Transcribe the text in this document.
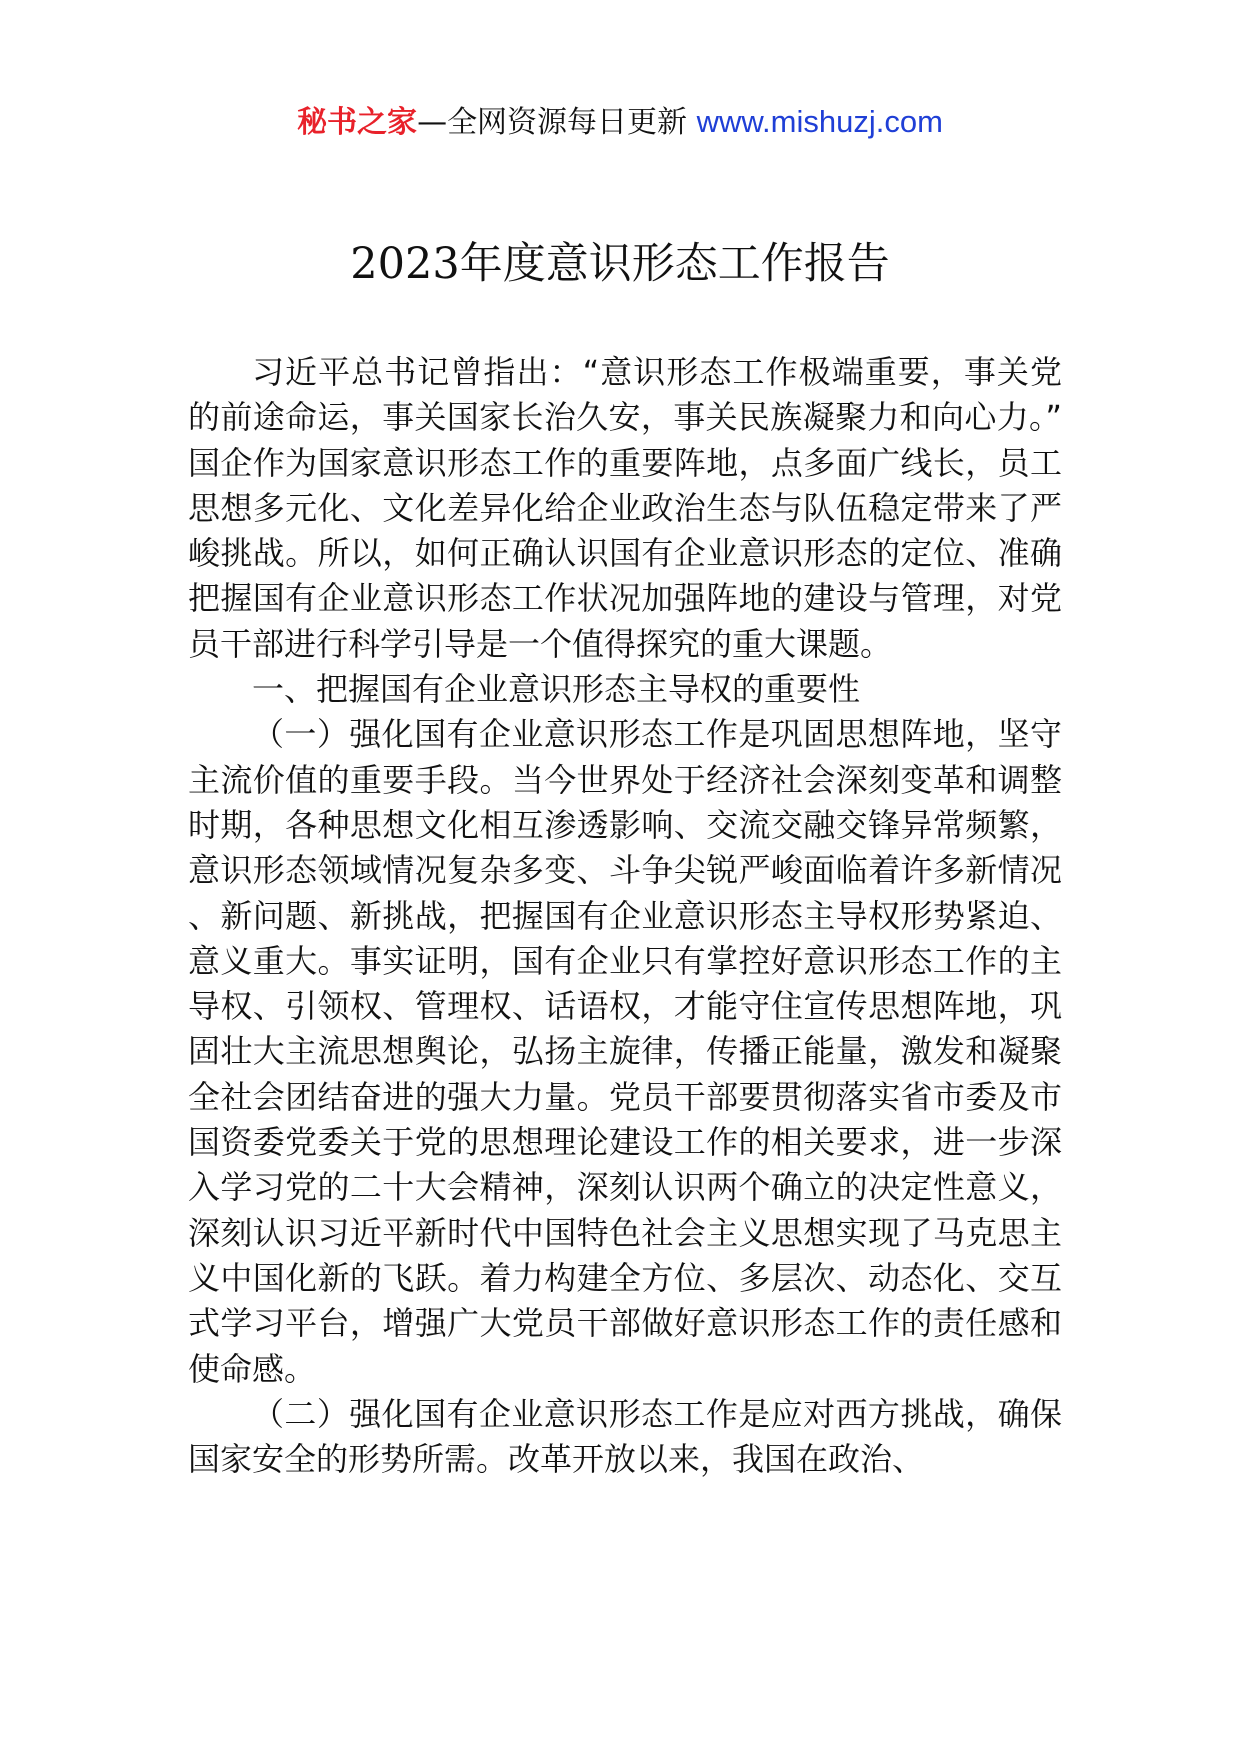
秘书之家—全网资源每日更新 www.mishuzj.com
2023年度意识形态工作报告

习近平总书记曾指出：“意识形态工作极端重要，事关党的前途命运，事关国家长治久安，事关民族凝聚力和向心力。”国企作为国家意识形态工作的重要阵地，点多面广线长，员工思想多元化、文化差异化给企业政治生态与队伍稳定带来了严峻挑战。所以，如何正确认识国有企业意识形态的定位、准确把握国有企业意识形态工作状况加强阵地的建设与管理，对党员干部进行科学引导是一个值得探究的重大课题。

一、把握国有企业意识形态主导权的重要性

（一）强化国有企业意识形态工作是巩固思想阵地，坚守主流价值的重要手段。当今世界处于经济社会深刻变革和调整时期，各种思想文化相互渗透影响、交流交融交锋异常频繁，意识形态领域情况复杂多变、斗争尖锐严峻面临着许多新情况、新问题、新挑战，把握国有企业意识形态主导权形势紧迫、意义重大。事实证明，国有企业只有掌控好意识形态工作的主导权、引领权、管理权、话语权，才能守住宣传思想阵地，巩固壮大主流思想舆论，弘扬主旋律，传播正能量，激发和凝聚全社会团结奋进的强大力量。党员干部要贯彻落实省市委及市国资委党委关于党的思想理论建设工作的相关要求，进一步深入学习党的二十大会精神，深刻认识两个确立的决定性意义，深刻认识习近平新时代中国特色社会主义思想实现了马克思主义中国化新的飞跃。着力构建全方位、多层次、动态化、交互式学习平台，增强广大党员干部做好意识形态工作的责任感和使命感。

（二）强化国有企业意识形态工作是应对西方挑战，确保国家安全的形势所需。改革开放以来，我国在政治、
